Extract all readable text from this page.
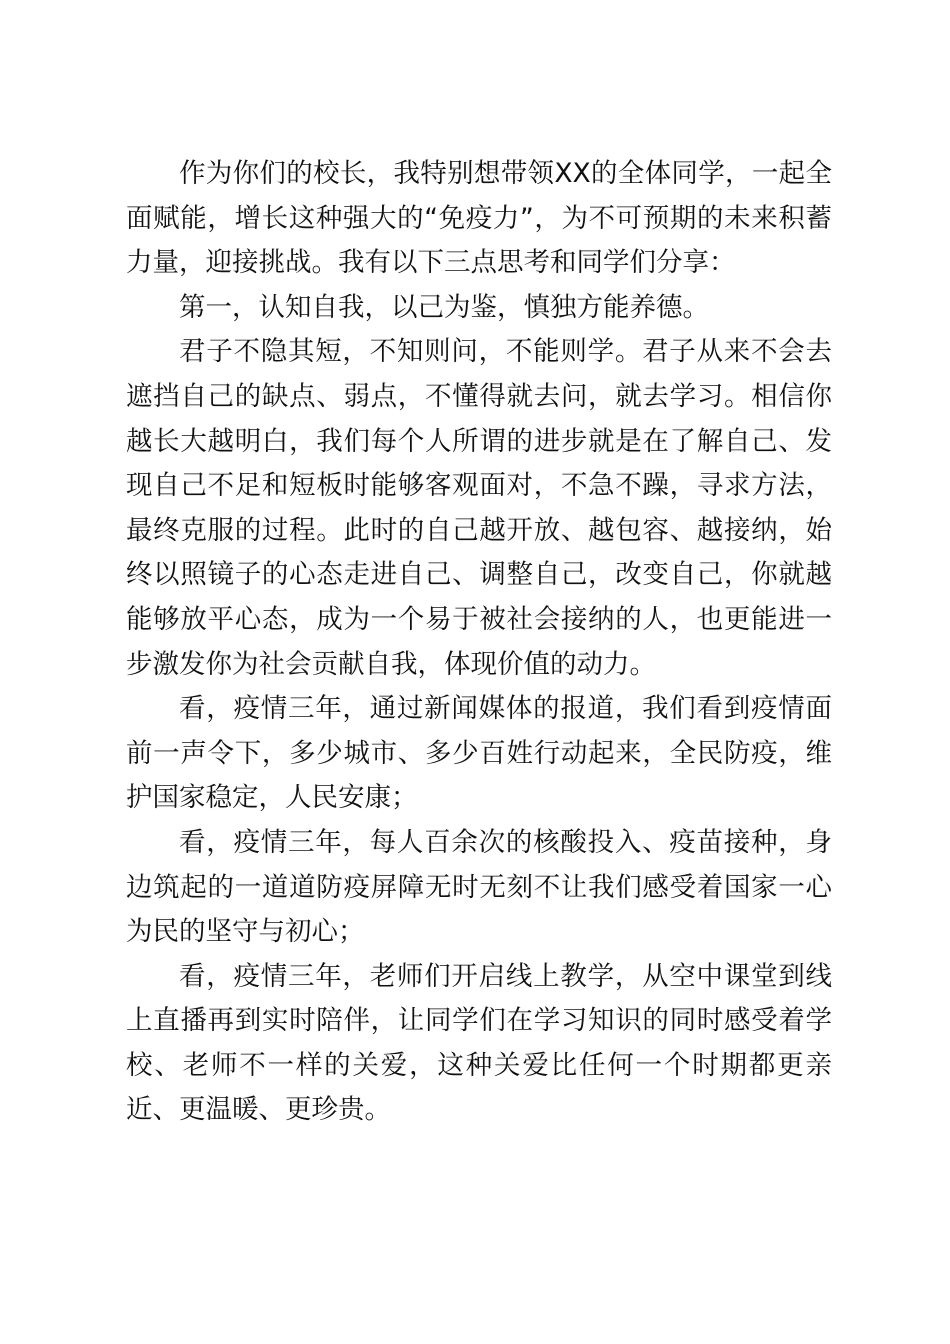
作为你们的校长，我特别想带领XX的全体同学，一起全面赋能，增长这种强大的“免疫力”，为不可预期的未来积蓄力量，迎接挑战。我有以下三点思考和同学们分享：

第一，认知自我，以己为鉴，慎独方能养德。

君子不隐其短，不知则问，不能则学。君子从来不会去遮挡自己的缺点、弱点，不懂得就去问，就去学习。相信你越长大越明白，我们每个人所谓的进步就是在了解自己、发现自己不足和短板时能够客观面对，不急不躁，寻求方法，最终克服的过程。此时的自己越开放、越包容、越接纳，始终以照镜子的心态走进自己、调整自己，改变自己，你就越能够放平心态，成为一个易于被社会接纳的人，也更能进一步激发你为社会贡献自我，体现价值的动力。

看，疫情三年，通过新闻媒体的报道，我们看到疫情面前一声令下，多少城市、多少百姓行动起来，全民防疫，维护国家稳定，人民安康；

看，疫情三年，每人百余次的核酸投入、疫苗接种，身边筑起的一道道防疫屏障无时无刻不让我们感受着国家一心为民的坚守与初心；

看，疫情三年，老师们开启线上教学，从空中课堂到线上直播再到实时陪伴，让同学们在学习知识的同时感受着学校、老师不一样的关爱，这种关爱比任何一个时期都更亲近、更温暖、更珍贵。
